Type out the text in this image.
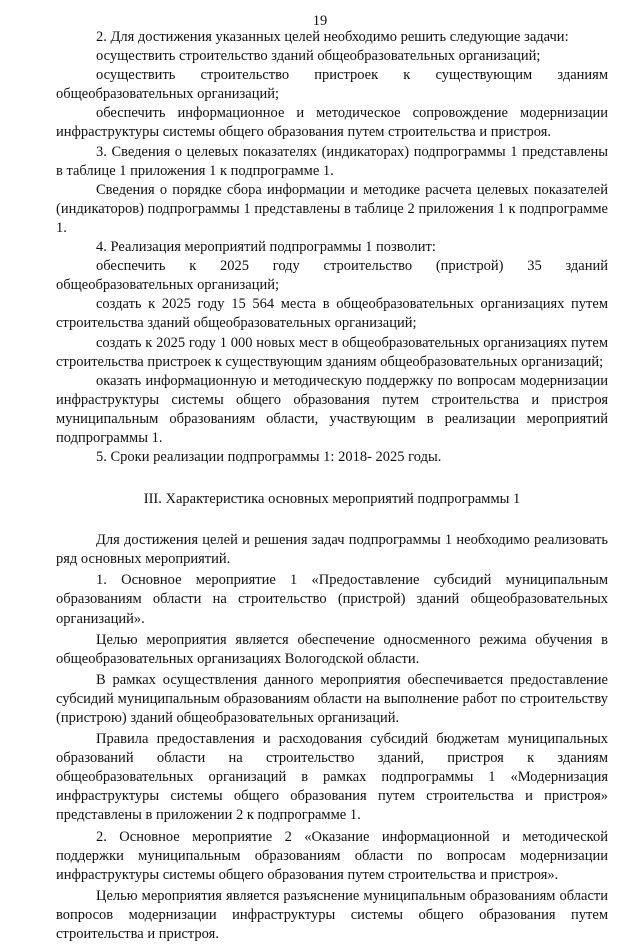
19

2. Для достижения указанных целей необходимо решить следующие задачи:

осуществить строительство зданий общеобразовательных организаций;

осуществить строительство пристроек к существующим зданиям общеобразовательных организаций;

обеспечить информационное и методическое сопровождение модернизации инфраструктуры системы общего образования путем строительства и пристроя.

3. Сведения о целевых показателях (индикаторах) подпрограммы 1 представлены в таблице 1 приложения 1 к подпрограмме 1.

Сведения о порядке сбора информации и методике расчета целевых показателей (индикаторов) подпрограммы 1 представлены в таблице 2 приложения 1 к подпрограмме 1.

4. Реализация мероприятий подпрограммы 1 позволит:

обеспечить к 2025 году строительство (пристрой) 35 зданий общеобразовательных организаций;

создать к 2025 году 15 564 места в общеобразовательных организациях путем строительства зданий общеобразовательных организаций;

создать к 2025 году 1 000 новых мест в общеобразовательных организациях путем строительства пристроек к существующим зданиям общеобразовательных организаций;

оказать информационную и методическую поддержку по вопросам модернизации инфраструктуры системы общего образования путем строительства и пристроя муниципальным образованиям области, участвующим в реализации мероприятий подпрограммы 1.

5. Сроки реализации подпрограммы 1: 2018- 2025 годы.

III. Характеристика основных мероприятий подпрограммы 1

Для достижения целей и решения задач подпрограммы 1 необходимо реализовать ряд основных мероприятий.

1. Основное мероприятие 1 «Предоставление субсидий муниципальным образованиям области на строительство (пристрой) зданий общеобразовательных организаций».

Целью мероприятия является обеспечение односменного режима обучения в общеобразовательных организациях Вологодской области.

В рамках осуществления данного мероприятия обеспечивается предоставление субсидий муниципальным образованиям области на выполнение работ по строительству (пристрою) зданий общеобразовательных организаций.

Правила предоставления и расходования субсидий бюджетам муниципальных образований области на строительство зданий, пристроя к зданиям общеобразовательных организаций в рамках подпрограммы 1 «Модернизация инфраструктуры системы общего образования путем строительства и пристроя» представлены в приложении 2 к подпрограмме 1.

2. Основное мероприятие 2 «Оказание информационной и методической поддержки муниципальным образованиям области по вопросам модернизации инфраструктуры системы общего образования путем строительства и пристроя».

Целью мероприятия является разъяснение муниципальным образованиям области вопросов модернизации инфраструктуры системы общего образования путем строительства и пристроя.
